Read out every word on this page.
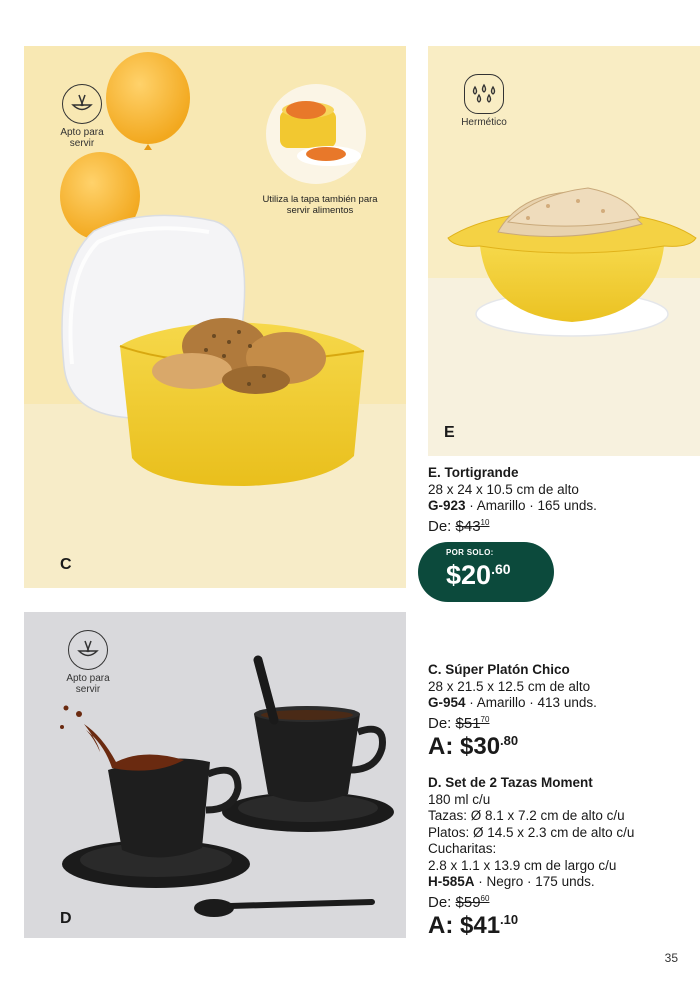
Apto para servir
Utiliza la tapa también para servir alimentos
C
Hermético
E
Apto para servir
D
E. Tortigrande
28 x 24 x 10.5 cm de alto
G-923 · Amarillo · 165 unds.
De: $\$43^{10}$
POR SOLO:
$\$20^{.60}$
C. Súper Platón Chico
28 x 21.5 x 12.5 cm de alto
G-954 · Amarillo · 413 unds.
De: $\$51^{70}$
A: $\$30^{.80}$
D. Set de 2 Tazas Moment
180 ml c/u
Tazas: Ø 8.1 x 7.2 cm de alto c/u
Platos: Ø 14.5 x 2.3 cm de alto c/u
Cucharitas:
2.8 x 1.1 x 13.9 cm de largo c/u
H-585A · Negro · 175 unds.
De: $\$59^{60}$
A: $\$41^{.10}$
35
